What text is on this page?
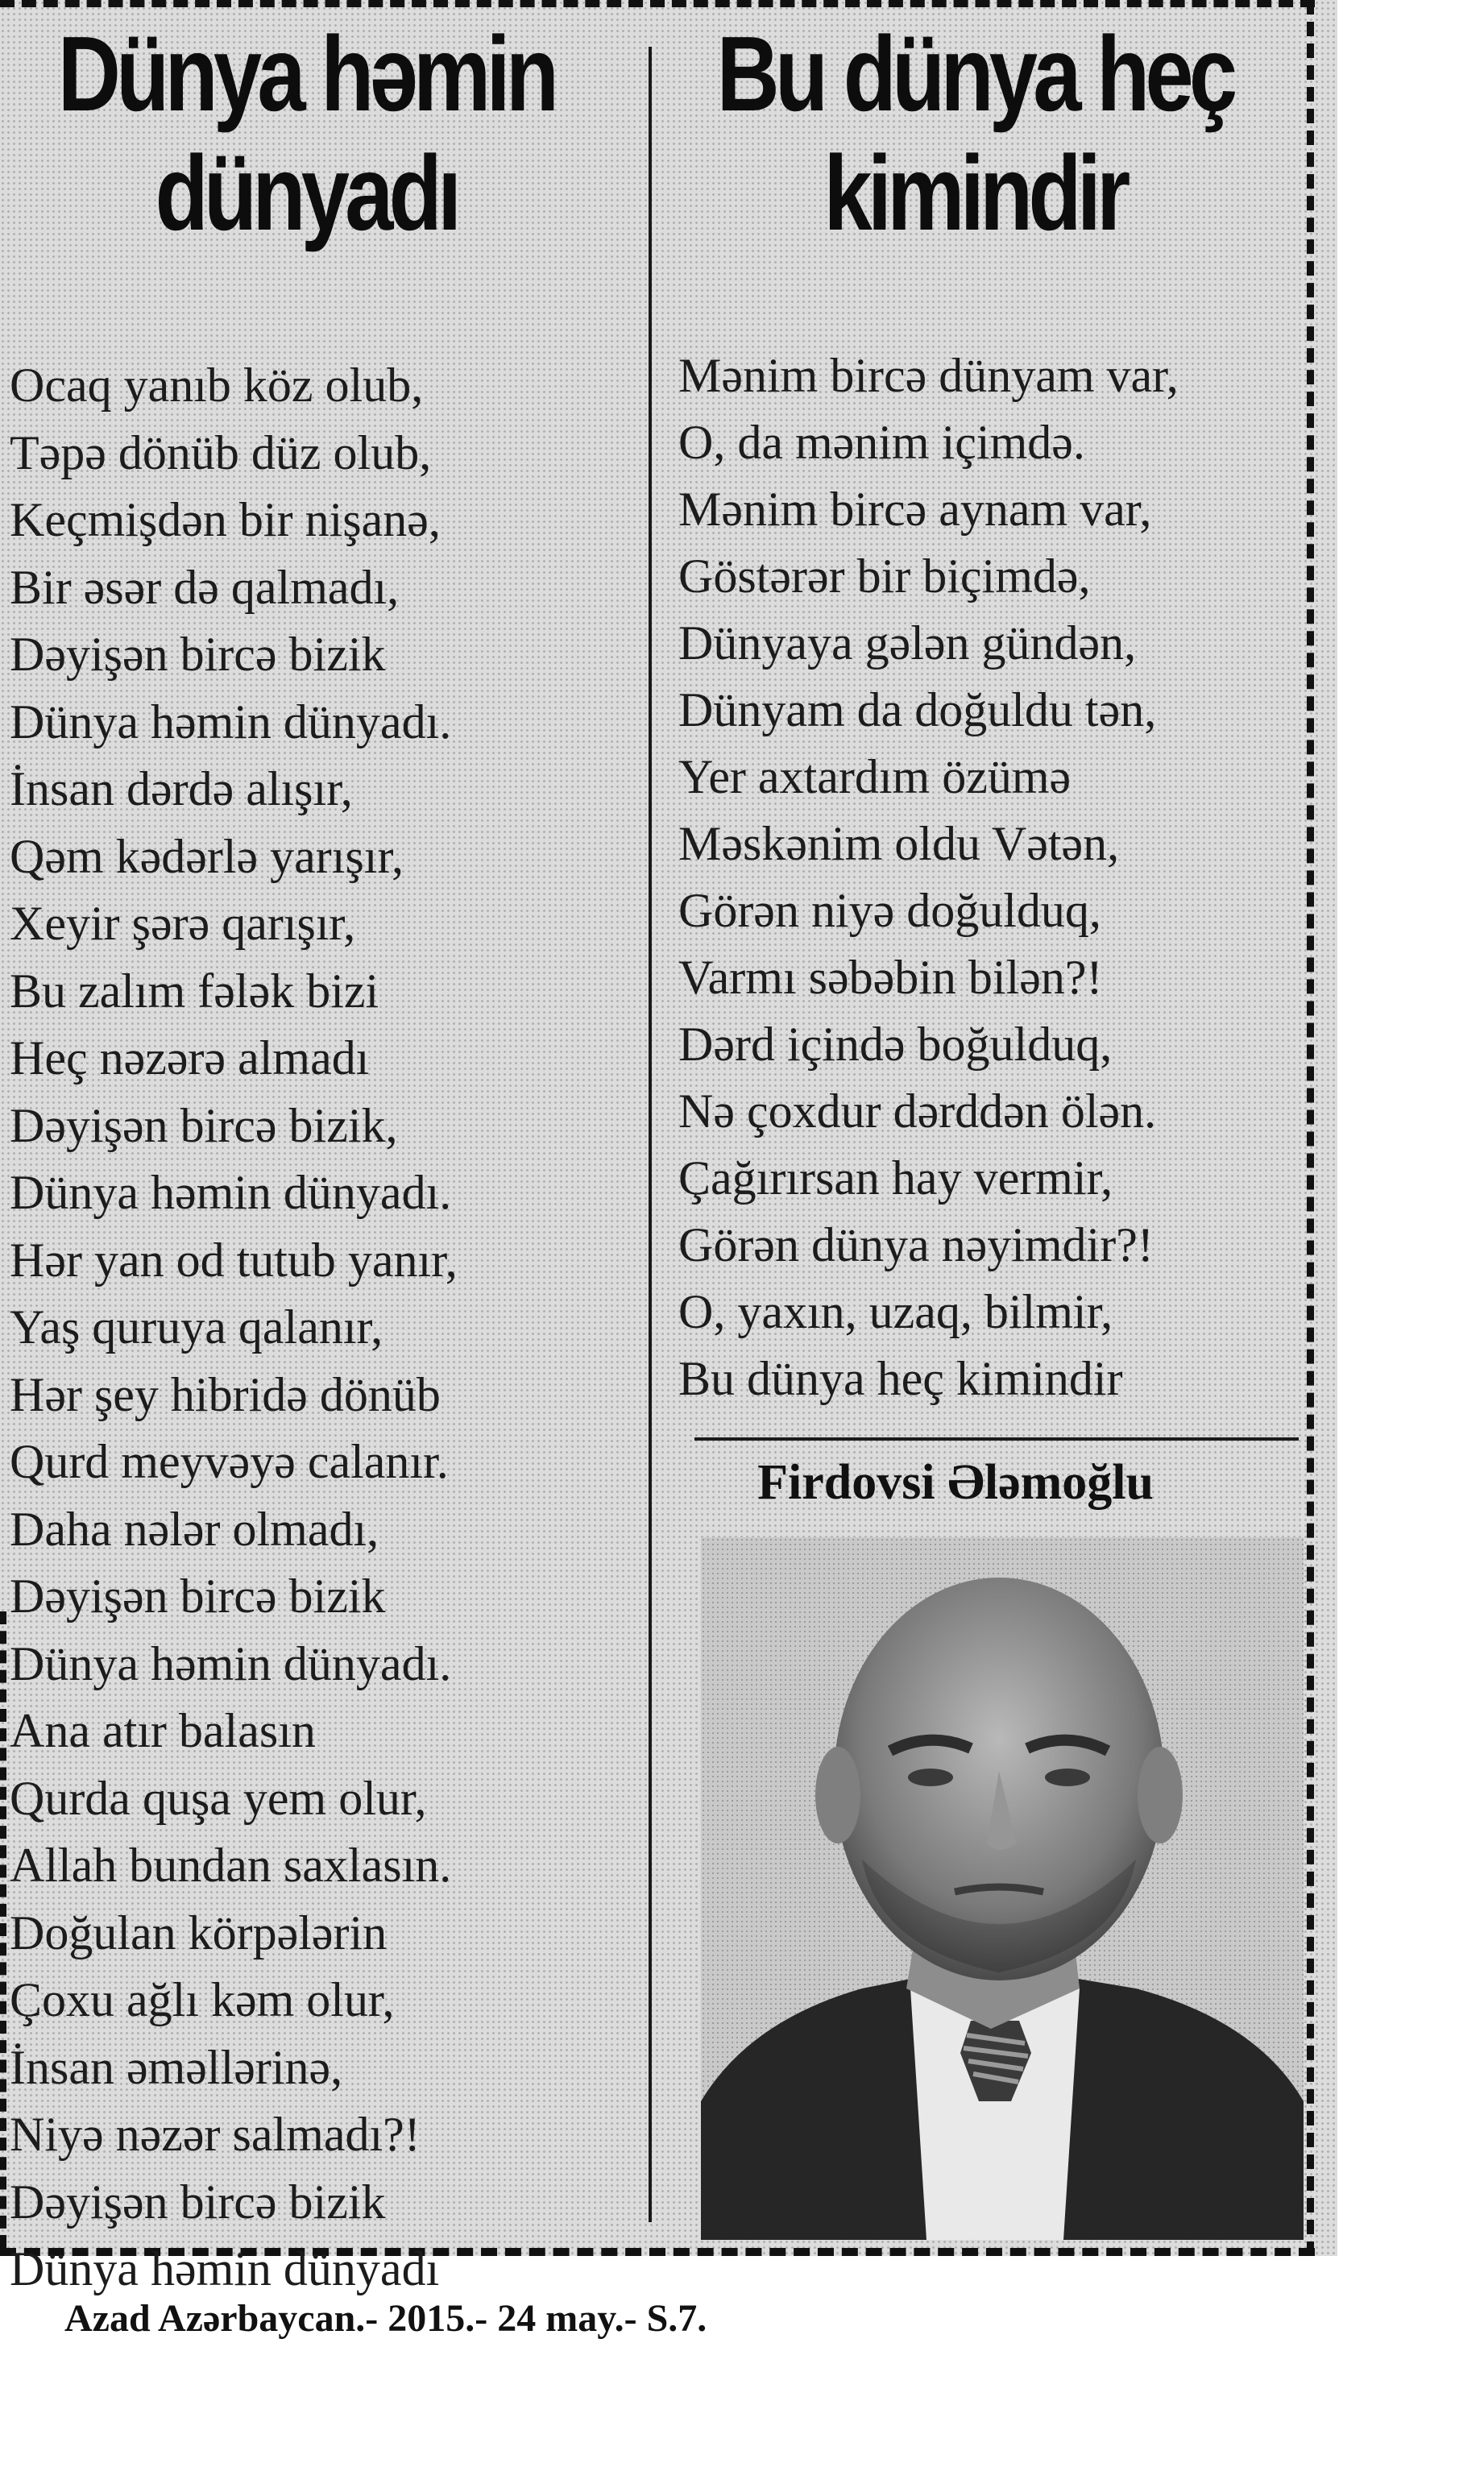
Dünya həmin dünyadı
Bu dünya heç kimindir
Ocaq yanıb köz olub,
Təpə dönüb düz olub,
Keçmişdən bir nişanə,
Bir əsər də qalmadı,
Dəyişən bircə bizik
Dünya həmin dünyadı.
İnsan dərdə alışır,
Qəm kədərlə yarışır,
Xeyir şərə qarışır,
Bu zalım fələk bizi
Heç nəzərə almadı
Dəyişən bircə bizik,
Dünya həmin dünyadı.
Hər yan od tutub yanır,
Yaş quruya qalanır,
Hər şey hibridə dönüb
Qurd meyvəyə calanır.
Daha nələr olmadı,
Dəyişən bircə bizik
Dünya həmin dünyadı.
Ana atır balasın
Qurda quşa yem olur,
Allah bundan saxlasın.
Doğulan körpələrin
Çoxu ağlı kəm olur,
İnsan əməllərinə,
Niyə nəzər salmadı?!
Dəyişən bircə bizik
Dünya həmin dünyadı
Mənim bircə dünyam var,
O, da mənim içimdə.
Mənim bircə aynam var,
Göstərər bir biçimdə,
Dünyaya gələn gündən,
Dünyam da doğuldu tən,
Yer axtardım özümə
Məskənim oldu Vətən,
Görən niyə doğulduq,
Varmı səbəbin bilən?!
Dərd içində boğulduq,
Nə çoxdur dərddən ölən.
Çağırırsan hay vermir,
Görən dünya nəyimdir?!
O, yaxın, uzaq, bilmir,
Bu dünya heç kimindir

Firdovsi Ələmoğlu

Azad Azərbaycan.- 2015.- 24 may.- S.7.
